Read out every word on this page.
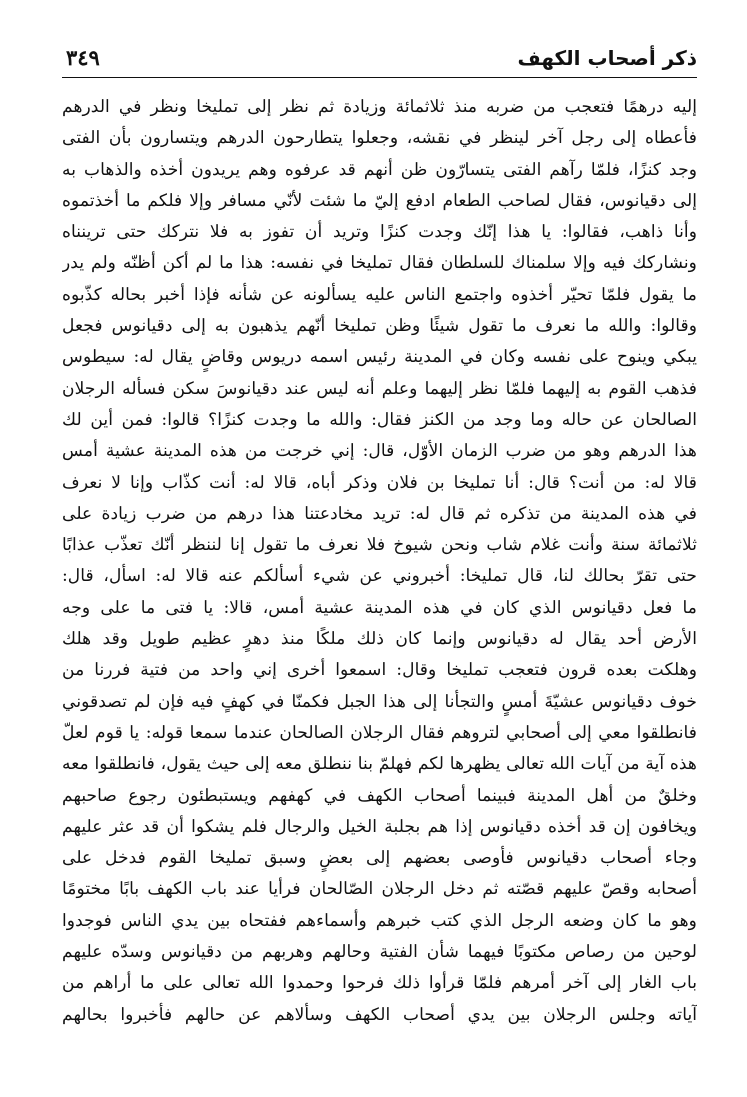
٣٤٩	ذكر أصحاب الكهف
إليه درهمًا فتعجب من ضربه منذ ثلاثمائة وزيادة ثم نظر إلى تمليخا ونظر في الدرهم
فأعطاه إلى رجل آخر لينظر في نقشه، وجعلوا يتطارحون الدرهم ويتسارون بأن الفتى
وجد كنزًا، فلمّا رآهم الفتى يتسارّون ظن أنهم قد عرفوه وهم يريدون أخذه والذهاب به
إلى دقيانوس، فقال لصاحب الطعام ادفع إليّ ما شئت لأنّي مسافر وإلا فلكم ما أخذتموه
وأنا ذاهب، فقالوا: يا هذا إنّك وجدت كنزًا وتريد أن تفوز به فلا نتركك حتى ترينناه
ونشاركك فيه وإلا سلمناك للسلطان فقال تمليخا في نفسه: هذا ما لم أكن أظنّه ولم يدر
ما يقول فلمّا تحيّر أخذوه واجتمع الناس عليه يسألونه عن شأنه فإذا أخبر بحاله كذّبوه
وقالوا: والله ما نعرف ما تقول شيئًا وظن تمليخا أنّهم يذهبون به إلى دقيانوس فجعل
يبكي وينوح على نفسه وكان في المدينة رئيس اسمه دريوس وقاضٍ يقال له: سيطوس
فذهب القوم به إليهما فلمّا نظر إليهما وعلم أنه ليس عند دقيانوسَ سكن فسأله الرجلان
الصالحان عن حاله وما وجد من الكنز فقال: والله ما وجدت كنزًا؟ قالوا: فمن أين لك
هذا الدرهم وهو من ضرب الزمان الأوّل، قال: إني خرجت من هذه المدينة عشية أمس
قالا له: من أنت؟ قال: أنا تمليخا بن فلان وذكر أباه، قالا له: أنت كذّاب وإنا لا نعرف
في هذه المدينة من تذكره ثم قال له: تريد مخادعتنا هذا درهم من ضرب زيادة على
ثلاثمائة سنة وأنت غلام شاب ونحن شيوخ فلا نعرف ما تقول إنا لننظر أنّك تعذّب عذابًا
حتى تقرّ بحالك لنا، قال تمليخا: أخبروني عن شيء أسألكم عنه قالا له: اسأل، قال:
ما فعل دقيانوس الذي كان في هذه المدينة عشية أمس، قالا: يا فتى ما على وجه
الأرض أحد يقال له دقيانوس وإنما كان ذلك ملكًا منذ دهرٍ عظيم طويل وقد هلك
وهلكت بعده قرون فتعجب تمليخا وقال: اسمعوا أخرى إني واحد من فتية فررنا من
خوف دقيانوس عشيّةَ أمسٍ والتجأنا إلى هذا الجبل فكمنّا في كهفٍ فيه فإن لم تصدقوني
فانطلقوا معي إلى أصحابي لتروهم فقال الرجلان الصالحان عندما سمعا قوله: يا قوم لعلّ
هذه آية من آيات الله تعالى يظهرها لكم فهلمّ بنا ننطلق معه إلى حيث يقول، فانطلقوا معه
وخلقٌ من أهل المدينة فبينما أصحاب الكهف في كهفهم ويستبطئون رجوع صاحبهم
ويخافون إن قد أخذه دقيانوس إذا هم بجلبة الخيل والرجال فلم يشكوا أن قد عثر عليهم
وجاء أصحاب دقيانوس فأوصى بعضهم إلى بعضٍ وسبق تمليخا القوم فدخل على
أصحابه وقصّ عليهم قصّته ثم دخل الرجلان الصّالحان فرأيا عند باب الكهف بابًا مختومًا
وهو ما كان وضعه الرجل الذي كتب خبرهم وأسماءهم ففتحاه بين يدي الناس فوجدوا
لوحين من رصاص مكتوبًا فيهما شأن الفتية وحالهم وهربهم من دقيانوس وسدّه عليهم
باب الغار إلى آخر أمرهم فلمّا قرأوا ذلك فرحوا وحمدوا الله تعالى على ما أراهم من
آياته وجلس الرجلان بين يدي أصحاب الكهف وسألاهم عن حالهم فأخبروا بحالهم
